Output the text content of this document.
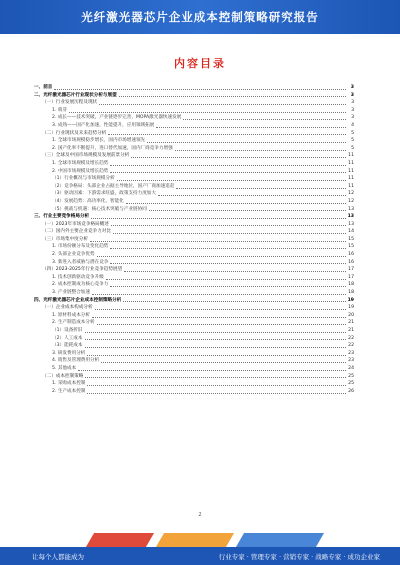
光纤激光器芯片企业成本控制策略研究报告
内容目录
一、前言	3
二、光纤激光器芯片行业现状分析与展望	3
（一）行业发展历程及现状	3
1. 萌芽	3
2. 成长——技术突破，产业链逐步完善，MOPA激光器快速发展	3
3. 成熟——国产化加速，性能提升，应用领域拓展	4
（二）行业现状及未来趋势分析	5
1. 全球市场规模稳步增长，国内市场增速领先	5
2. 国产化率不断提升，进口替代加速，国内厂商竞争力增强	5
（三）全球及中国市场规模及发展前景分析	11
1. 全球市场规模及增长趋势	11
2. 中国市场规模及增长趋势	11
（1）行业概况与市场规模分析	11
（2）竞争格局：头部企业占据主导地位，国产厂商加速追赶	11
（3）驱动因素：下游需求旺盛，政策支持力度加大	12
（4）发展趋势：高功率化、智能化	12
（5）挑战与机遇：核心技术突破与产业链协同	13
三、行业主要竞争格局分析	13
（一）2023年市场竞争格局概述	13
（二）国内外主要企业竞争力对比	14
（三）市场集中度分析	15
1. 市场份额分布及变化趋势	15
2. 头部企业竞争优势	16
3. 新进入者威胁与潜在竞争	16
（四）2023-2025年行业竞争趋势展望	17
1. 技术创新驱动竞争升级	17
2. 成本控制成为核心竞争力	18
3. 产业链整合加速	18
四、光纤激光器芯片企业成本控制策略分析	19
（一）企业成本构成分析	19
1. 原材料成本分析	20
2. 生产制造成本分析	21
（1）设备折旧	21
（2）人工成本	22
（3）能耗成本	22
3. 研发费用分析	23
4. 销售及管理费用分析	23
5. 其他成本	24
（二）成本控制策略	25
1. 采购成本控制	25
2. 生产成本控制	26
2
让每个人都能成为	行业专家 · 管理专家 · 营销专家 · 战略专家 · 成功企业家
